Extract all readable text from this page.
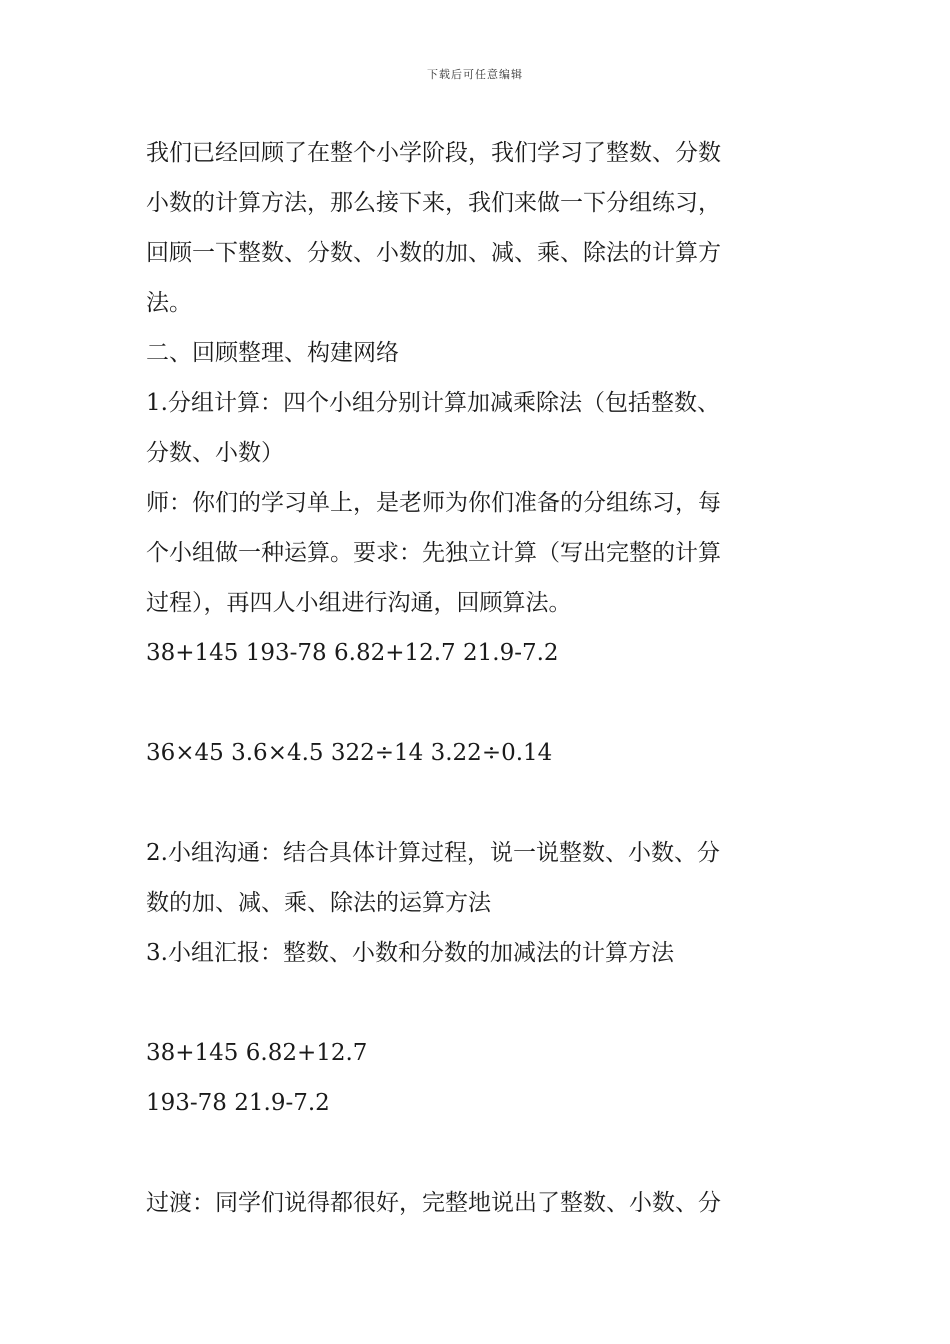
下载后可任意编辑
我们已经回顾了在整个小学阶段，我们学习了整数、分数
小数的计算方法，那么接下来，我们来做一下分组练习，
回顾一下整数、分数、小数的加、减、乘、除法的计算方
法。
二、回顾整理、构建网络
1.分组计算：四个小组分别计算加减乘除法（包括整数、
分数、小数）
师：你们的学习单上，是老师为你们准备的分组练习，每
个小组做一种运算。要求：先独立计算（写出完整的计算
过程），再四人小组进行沟通，回顾算法。
38+145 193-78 6.82+12.7 21.9-7.2
36×45 3.6×4.5 322÷14 3.22÷0.14
2.小组沟通：结合具体计算过程，说一说整数、小数、分
数的加、减、乘、除法的运算方法
3.小组汇报：整数、小数和分数的加减法的计算方法
38+145 6.82+12.7
193-78 21.9-7.2
过渡：同学们说得都很好，完整地说出了整数、小数、分
